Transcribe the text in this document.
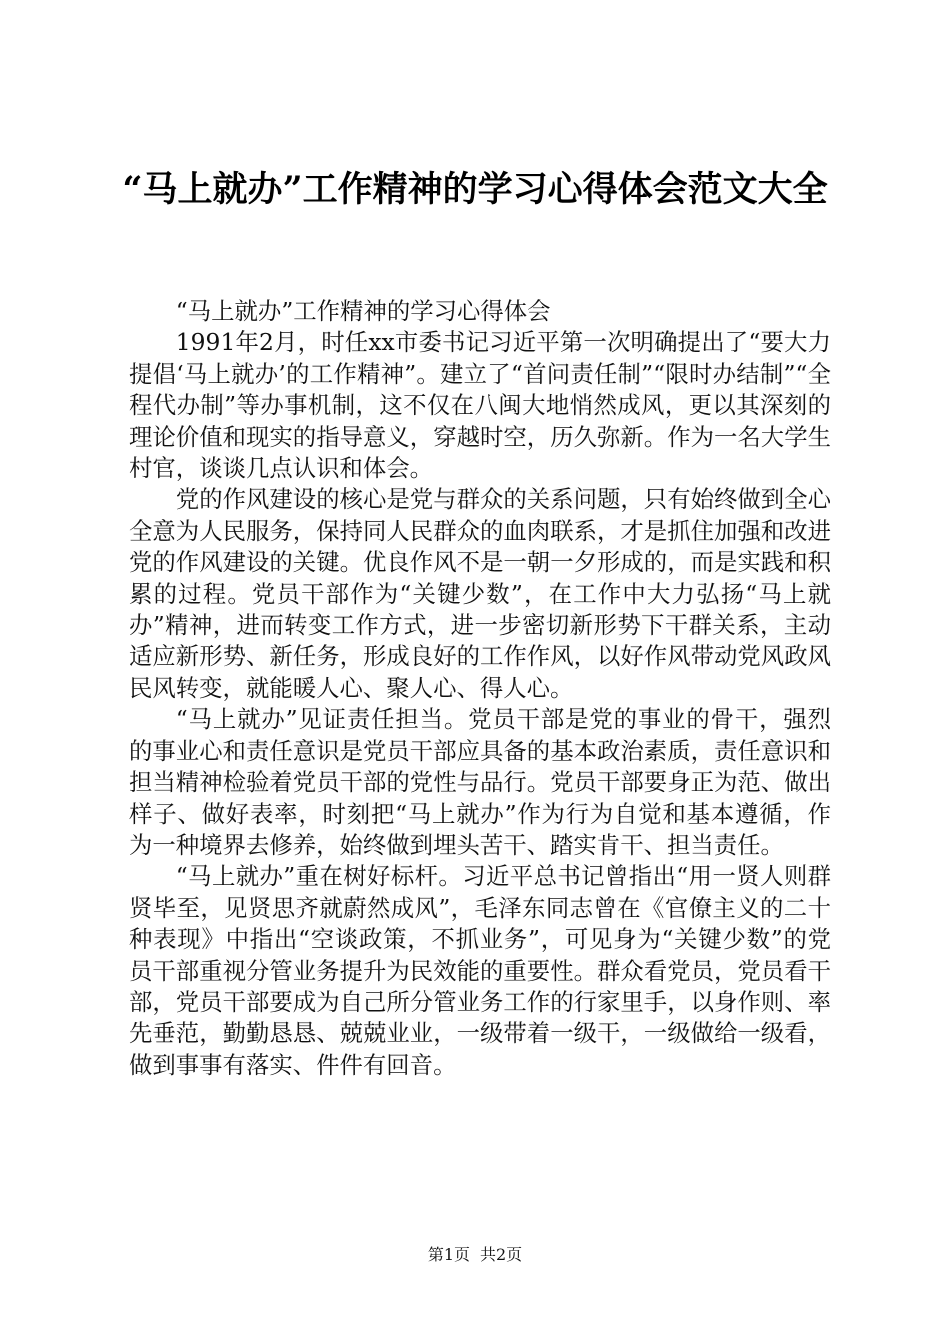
“马上就办”工作精神的学习心得体会范文大全

“马上就办”工作精神的学习心得体会

1991年2月，时任xx市委书记习近平第一次明确提出了“要大力提倡‘马上就办’的工作精神”。建立了“首问责任制”“限时办结制”“全程代办制”等办事机制，这不仅在八闽大地悄然成风，更以其深刻的理论价值和现实的指导意义，穿越时空，历久弥新。作为一名大学生村官，谈谈几点认识和体会。

党的作风建设的核心是党与群众的关系问题，只有始终做到全心全意为人民服务，保持同人民群众的血肉联系，才是抓住加强和改进党的作风建设的关键。优良作风不是一朝一夕形成的，而是实践和积累的过程。党员干部作为“关键少数”，在工作中大力弘扬“马上就办”精神，进而转变工作方式，进一步密切新形势下干群关系，主动适应新形势、新任务，形成良好的工作作风，以好作风带动党风政风民风转变，就能暖人心、聚人心、得人心。

“马上就办”见证责任担当。党员干部是党的事业的骨干，强烈的事业心和责任意识是党员干部应具备的基本政治素质，责任意识和担当精神检验着党员干部的党性与品行。党员干部要身正为范、做出样子、做好表率，时刻把“马上就办”作为行为自觉和基本遵循，作为一种境界去修养，始终做到埋头苦干、踏实肯干、担当责任。

“马上就办”重在树好标杆。习近平总书记曾指出“用一贤人则群贤毕至，见贤思齐就蔚然成风”，毛泽东同志曾在《官僚主义的二十种表现》中指出“空谈政策，不抓业务”，可见身为“关键少数”的党员干部重视分管业务提升为民效能的重要性。群众看党员，党员看干部，党员干部要成为自己所分管业务工作的行家里手，以身作则、率先垂范，勤勤恳恳、兢兢业业，一级带着一级干，一级做给一级看，做到事事有落实、件件有回音。

第1页 共2页
